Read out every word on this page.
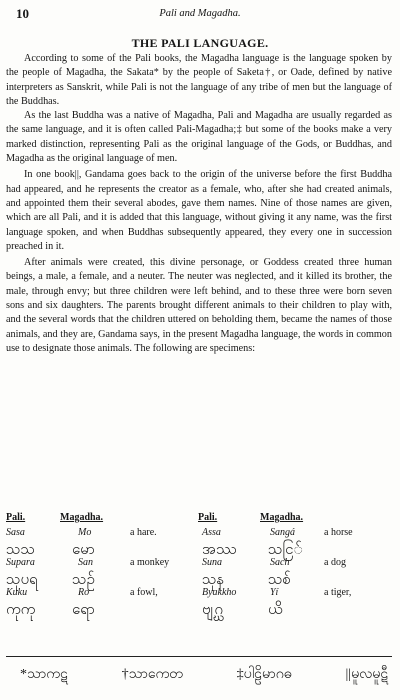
10	Pali and Magadha.
THE PALI LANGUAGE.

According to some of the Pali books, the Magadha language is the language spoken by the people of Magadha, the Sakata* by the people of Saketa†, or Oade, defined by native interpreters as Sanskrit, while Pali is not the language of any tribe of men but the language of the Buddhas.

As the last Buddha was a native of Magadha, Pali and Magadha are usually regarded as the same language, and it is often called Pali-Magadha;‡ but some of the books make a very marked distinction, representing Pali as the original language of the Gods, or Buddhas, and Magadha as the original language of men.

In one book||, Gandama goes back to the origin of the universe before the first Buddha had appeared, and he represents the creator as a female, who, after she had created animals, and appointed them their several abodes, gave them names. Nine of those names are given, which are all Pali, and it is added that this language, without giving it any name, was the first language spoken, and when Buddhas subsequently appeared, they every one in succession preached in it.

After animals were created, this divine personage, or Goddess created three human beings, a male, a female, and a neuter. The neuter was neglected, and it killed its brother, the male, through envy; but three children were left behind, and to these three were born seven sons and six daughters. The parents brought different animals to their children to play with, and the several words that the children uttered on beholding them, became the names of those animals, and they are, Gandama says, in the present Magadha language, the words in common use to designate those animals. The following are specimens:

Pali.	Magadha.	Pali.	Magadha.
Sasa	Mo	a hare.	Assa	Sangá	a horse
သသ မော	အဿ သငြ်
Supara	San	a monkey	Suna	Sach	a dog
သုပရ သဉ်	သုန	သစ်
Kuku	Ro	a fowl,	Byakkho	Yí	a tiger,
ကုကု ရော	ဗျဂ္ဃ	ယိ
*သာကဋ	†သာကေတ	‡ပါဠိမာဂဓ	||မူလမူဋီ
